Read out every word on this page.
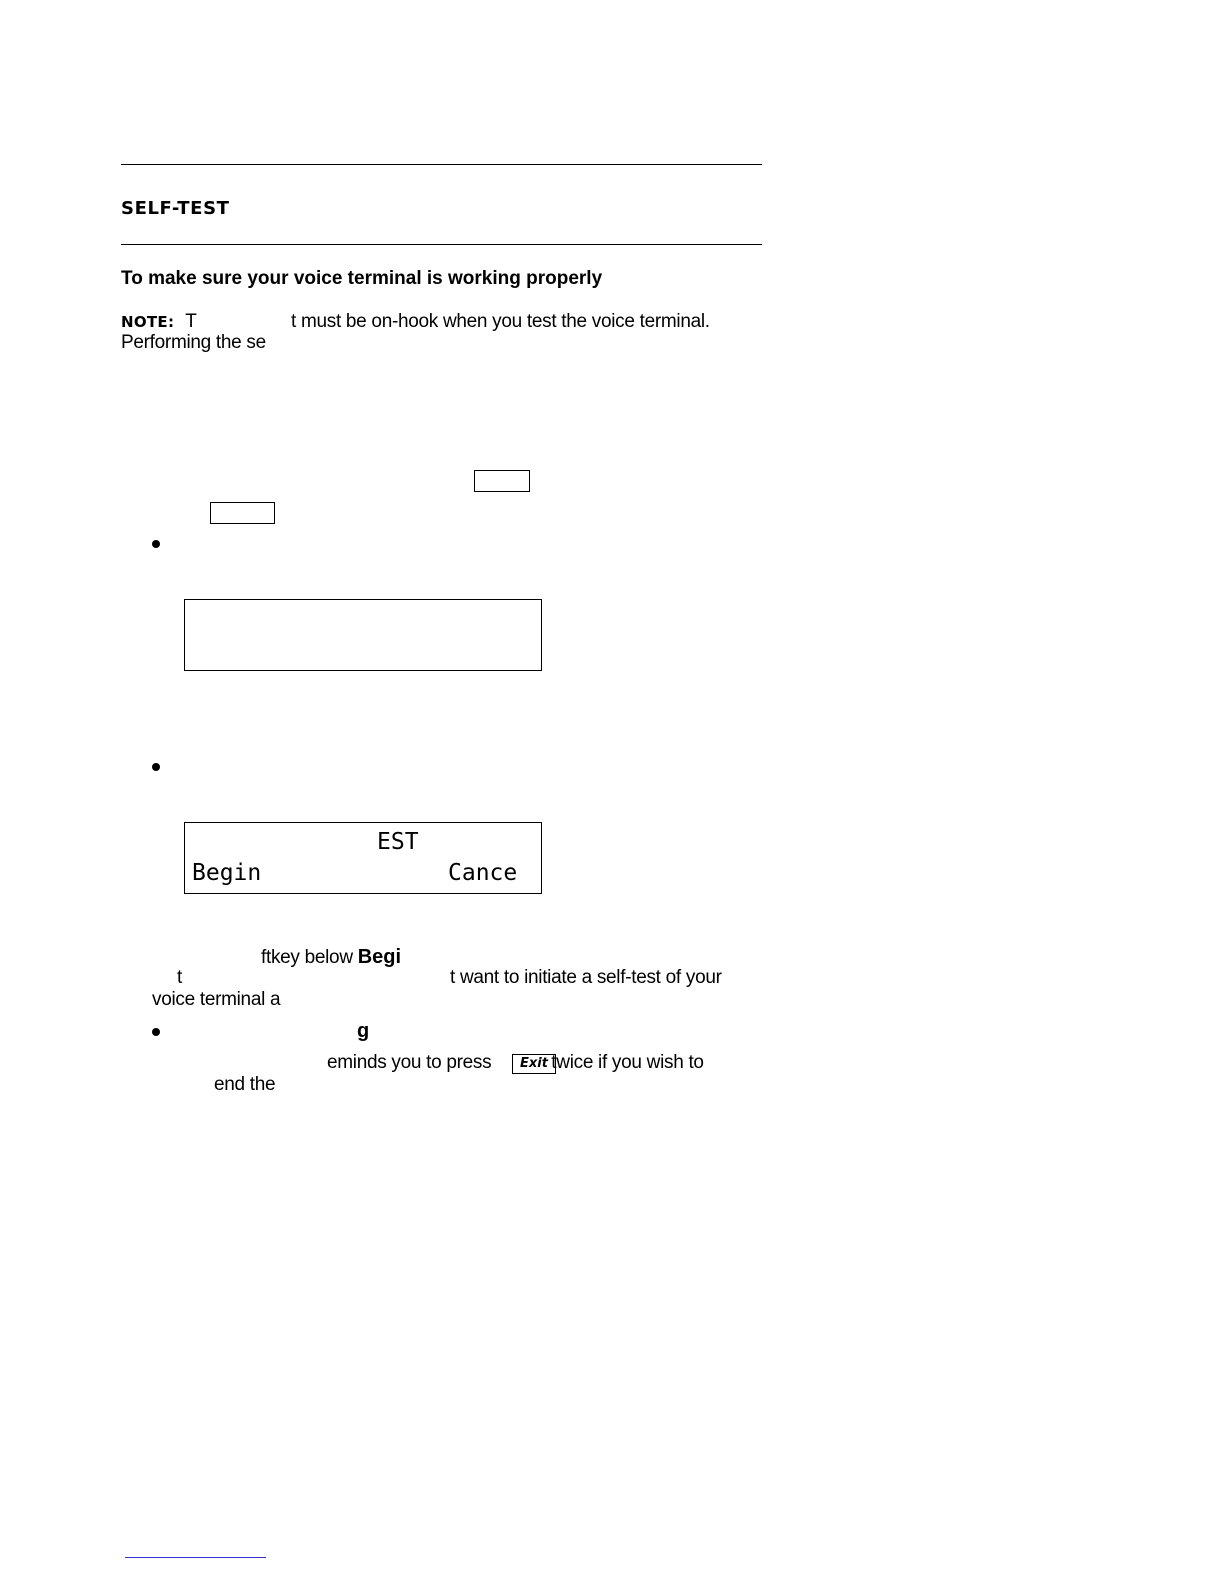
SELF-TEST
To make sure your voice terminal is working properly
NOTE: T	t must be on-hook when you test the voice terminal.
Performing the se
EST
Begin	Cance
ftkey below Begi
t	t want to initiate a self-test of your
voice terminal a
g
eminds you to press	twice if you wish to
Exit
end the
